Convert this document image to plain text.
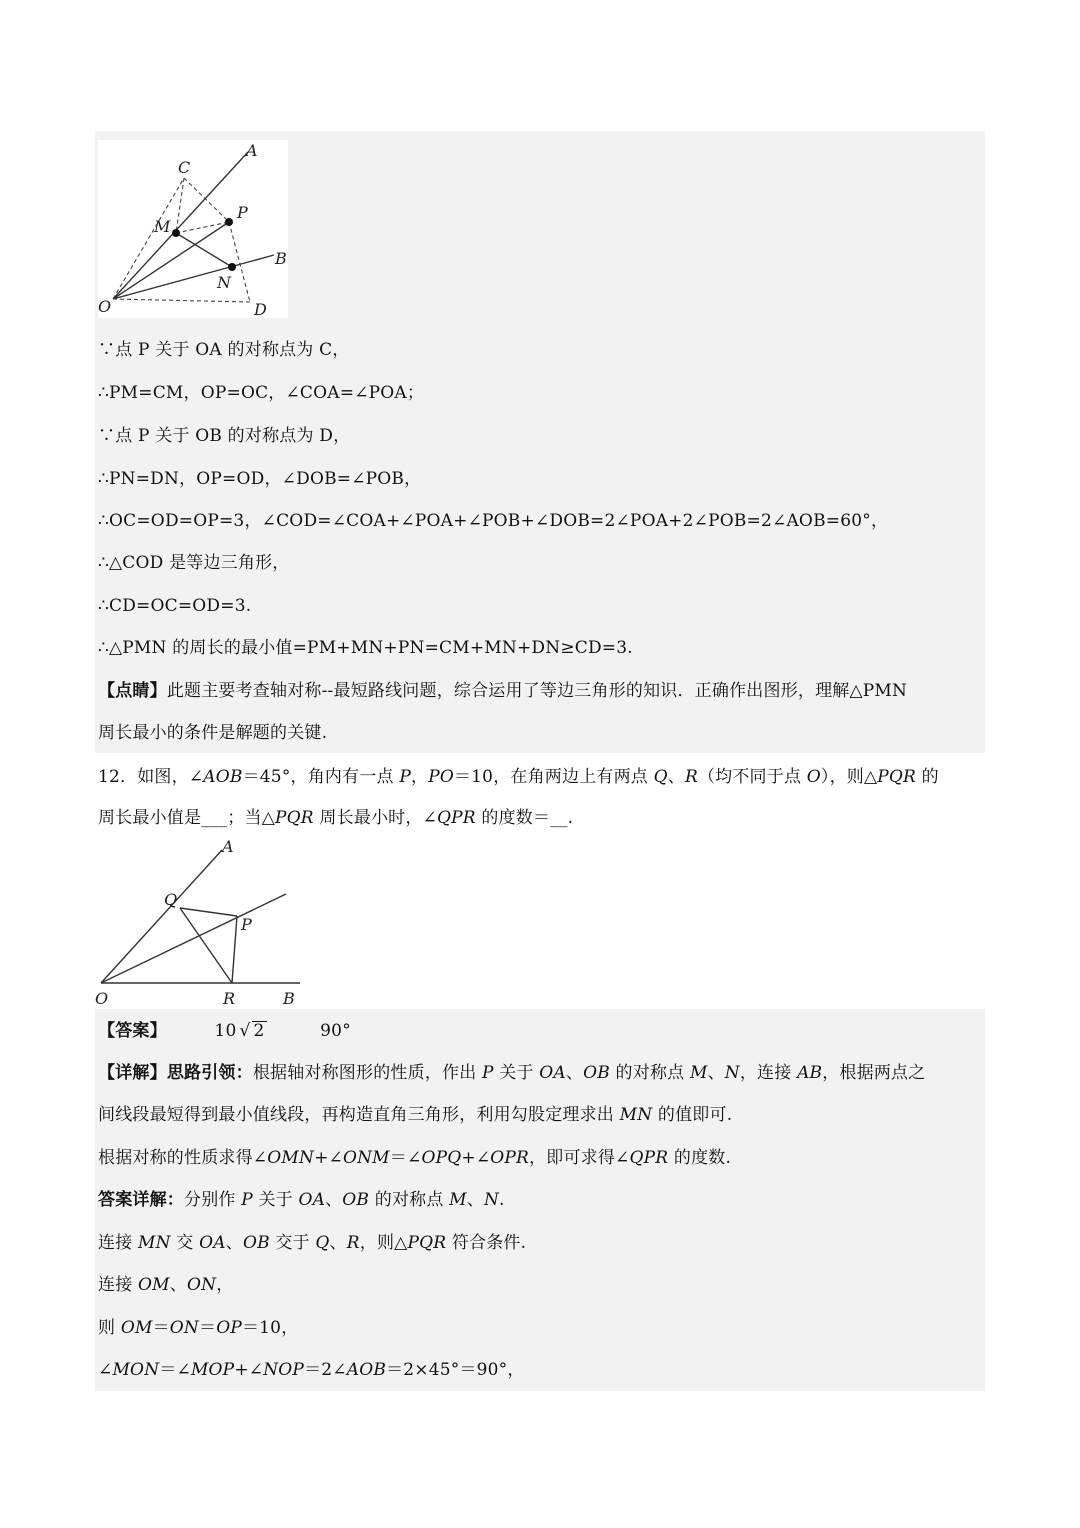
A
C
M
P
B
N
O	D

∵点 P 关于 OA 的对称点为 C，

∴PM=CM，OP=OC，∠COA=∠POA；

∵点 P 关于 OB 的对称点为 D，

∴PN=DN，OP=OD，∠DOB=∠POB，

∴OC=OD=OP=3，∠COD=∠COA+∠POA+∠POB+∠DOB=2∠POA+2∠POB=2∠AOB=60°，

∴△COD 是等边三角形，

∴CD=OC=OD=3.

∴△PMN 的周长的最小值=PM+MN+PN=CM+MN+DN≥CD=3.

【点睛】此题主要考查轴对称--最短路线问题，综合运用了等边三角形的知识．正确作出图形，理解△PMN

周长最小的条件是解题的关键.

12．如图，∠AOB＝45°，角内有一点 P，PO＝10，在角两边上有两点 Q、R（均不同于点 O），则△PQR 的

周长最小值是___；当△PQR 周长最小时，∠QPR 的度数＝__.

A
Q
P
O	R	B

【答案】	10 √ 2	90°

【详解】思路引领：根据轴对称图形的性质，作出 P 关于 OA、OB 的对称点 M、N，连接 AB，根据两点之

间线段最短得到最小值线段，再构造直角三角形，利用勾股定理求出 MN 的值即可.

根据对称的性质求得∠OMN+∠ONM＝∠OPQ+∠OPR，即可求得∠QPR 的度数.

答案详解：分别作 P 关于 OA、OB 的对称点 M、N.

连接 MN 交 OA、OB 交于 Q、R，则△PQR 符合条件.

连接 OM、ON，

则 OM＝ON＝OP＝10，

∠MON＝∠MOP+∠NOP＝2∠AOB＝2×45°＝90°，
